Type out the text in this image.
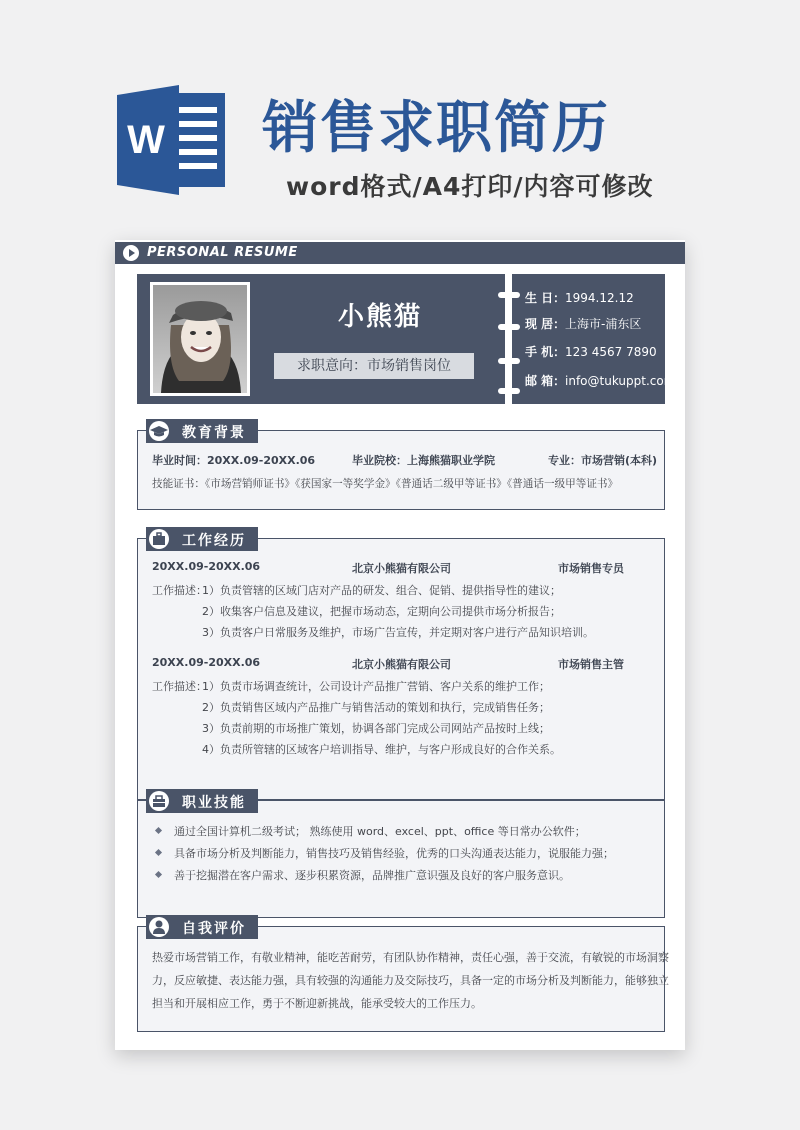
W 销售求职简历
word格式/A4打印/内容可修改
PERSONAL RESUME
小熊猫
求职意向：市场销售岗位
生 日：1994.12.12
现 居：上海市-浦东区
手 机：123 4567 7890
邮 箱：info@tukuppt.com
教育背景
毕业时间：20XX.09-20XX.06	毕业院校：上海熊猫职业学院	专业：市场营销(本科)
技能证书：《市场营销师证书》《获国家一等奖学金》《普通话二级甲等证书》《普通话一级甲等证书》
工作经历
20XX.09-20XX.06	北京小熊猫有限公司	市场销售专员
工作描述：
1）负责管辖的区域门店对产品的研发、组合、促销、提供指导性的建议；
2）收集客户信息及建议，把握市场动态，定期向公司提供市场分析报告；
3）负责客户日常服务及维护，市场广告宣传，并定期对客户进行产品知识培训。
20XX.09-20XX.06	北京小熊猫有限公司	市场销售主管
工作描述：
1）负责市场调查统计，公司设计产品推广营销、客户关系的维护工作；
2）负责销售区域内产品推广与销售活动的策划和执行，完成销售任务；
3）负责前期的市场推广策划，协调各部门完成公司网站产品按时上线；
4）负责所管辖的区域客户培训指导、维护，与客户形成良好的合作关系。
职业技能
通过全国计算机二级考试； 熟练使用 word、excel、ppt、office 等日常办公软件；
具备市场分析及判断能力，销售技巧及销售经验，优秀的口头沟通表达能力，说服能力强；
善于挖掘潜在客户需求、逐步积累资源，品牌推广意识强及良好的客户服务意识。
自我评价
热爱市场营销工作，有敬业精神，能吃苦耐劳，有团队协作精神，责任心强，善于交流，有敏锐的市场洞察
力，反应敏捷、表达能力强，具有较强的沟通能力及交际技巧，具备一定的市场分析及判断能力，能够独立
担当和开展相应工作，勇于不断迎新挑战，能承受较大的工作压力。
